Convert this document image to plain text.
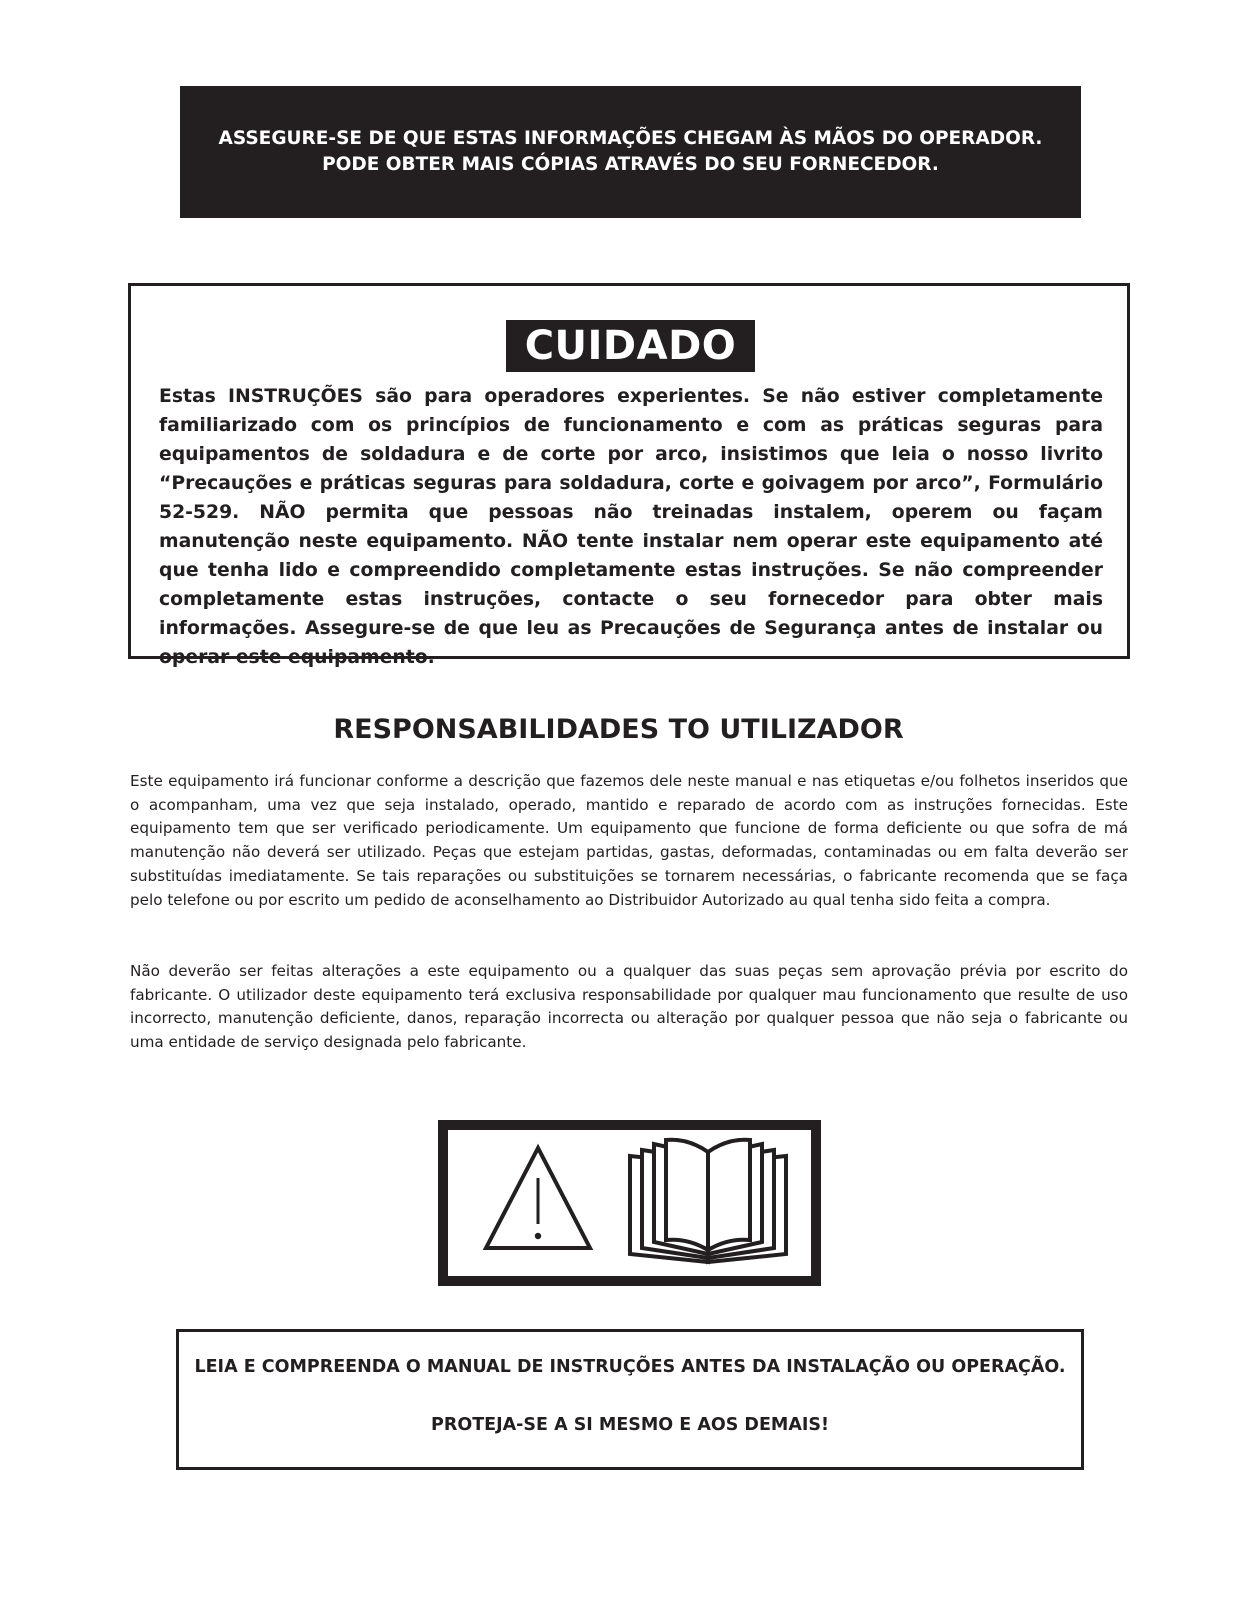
ASSEGURE-SE DE QUE ESTAS INFORMAÇÕES CHEGAM ÀS MÃOS DO OPERADOR.
PODE OBTER MAIS CÓPIAS ATRAVÉS DO SEU FORNECEDOR.
CUIDADO
Estas INSTRUÇÕES são para operadores experientes. Se não estiver completamente familiarizado com os princípios de funcionamento e com as práticas seguras para equipamentos de soldadura e de corte por arco, insistimos que leia o nosso livrito “Precauções e práticas seguras para soldadura, corte e goivagem por arco”, Formulário 52-529. NÃO permita que pessoas não treinadas instalem, operem ou façam manutenção neste equipamento. NÃO tente instalar nem operar este equipamento até que tenha lido e compreendido completamente estas instruções. Se não compreender completamente estas instruções, contacte o seu fornecedor para obter mais informações. Assegure-se de que leu as Precauções de Segurança antes de instalar ou operar este equipamento.
RESPONSABILIDADES TO UTILIZADOR

Este equipamento irá funcionar conforme a descrição que fazemos dele neste manual e nas etiquetas e/ou folhetos inseridos que o acompanham, uma vez que seja instalado, operado, mantido e reparado de acordo com as instruções fornecidas. Este equipamento tem que ser verificado periodicamente. Um equipamento que funcione de forma deficiente ou que sofra de má manutenção não deverá ser utilizado. Peças que estejam partidas, gastas, deformadas, contaminadas ou em falta deverão ser substituídas imediatamente. Se tais reparações ou substituições se tornarem necessárias, o fabricante recomenda que se faça pelo telefone ou por escrito um pedido de aconselhamento ao Distribuidor Autorizado au qual tenha sido feita a compra.

Não deverão ser feitas alterações a este equipamento ou a qualquer das suas peças sem aprovação prévia por escrito do fabricante. O utilizador deste equipamento terá exclusiva responsabilidade por qualquer mau funcionamento que resulte de uso incorrecto, manutenção deficiente, danos, reparação incorrecta ou alteração por qualquer pessoa que não seja o fabricante ou uma entidade de serviço designada pelo fabricante.

LEIA E COMPREENDA O MANUAL DE INSTRUÇÕES ANTES DA INSTALAÇÃO OU OPERAÇÃO.
PROTEJA-SE A SI MESMO E AOS DEMAIS!
